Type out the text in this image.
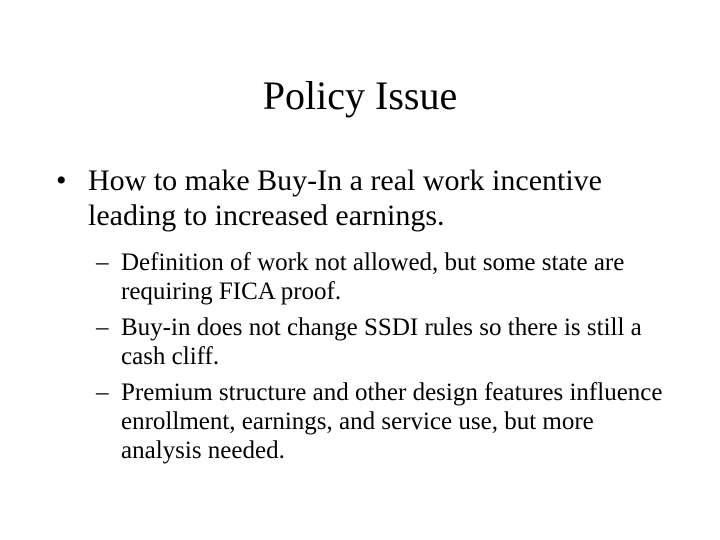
Policy Issue
• How to make Buy-In a real work incentive leading to increased earnings.
– Definition of work not allowed, but some state are requiring FICA proof.
– Buy-in does not change SSDI rules so there is still a cash cliff.
– Premium structure and other design features influence enrollment, earnings, and service use, but more analysis needed.
